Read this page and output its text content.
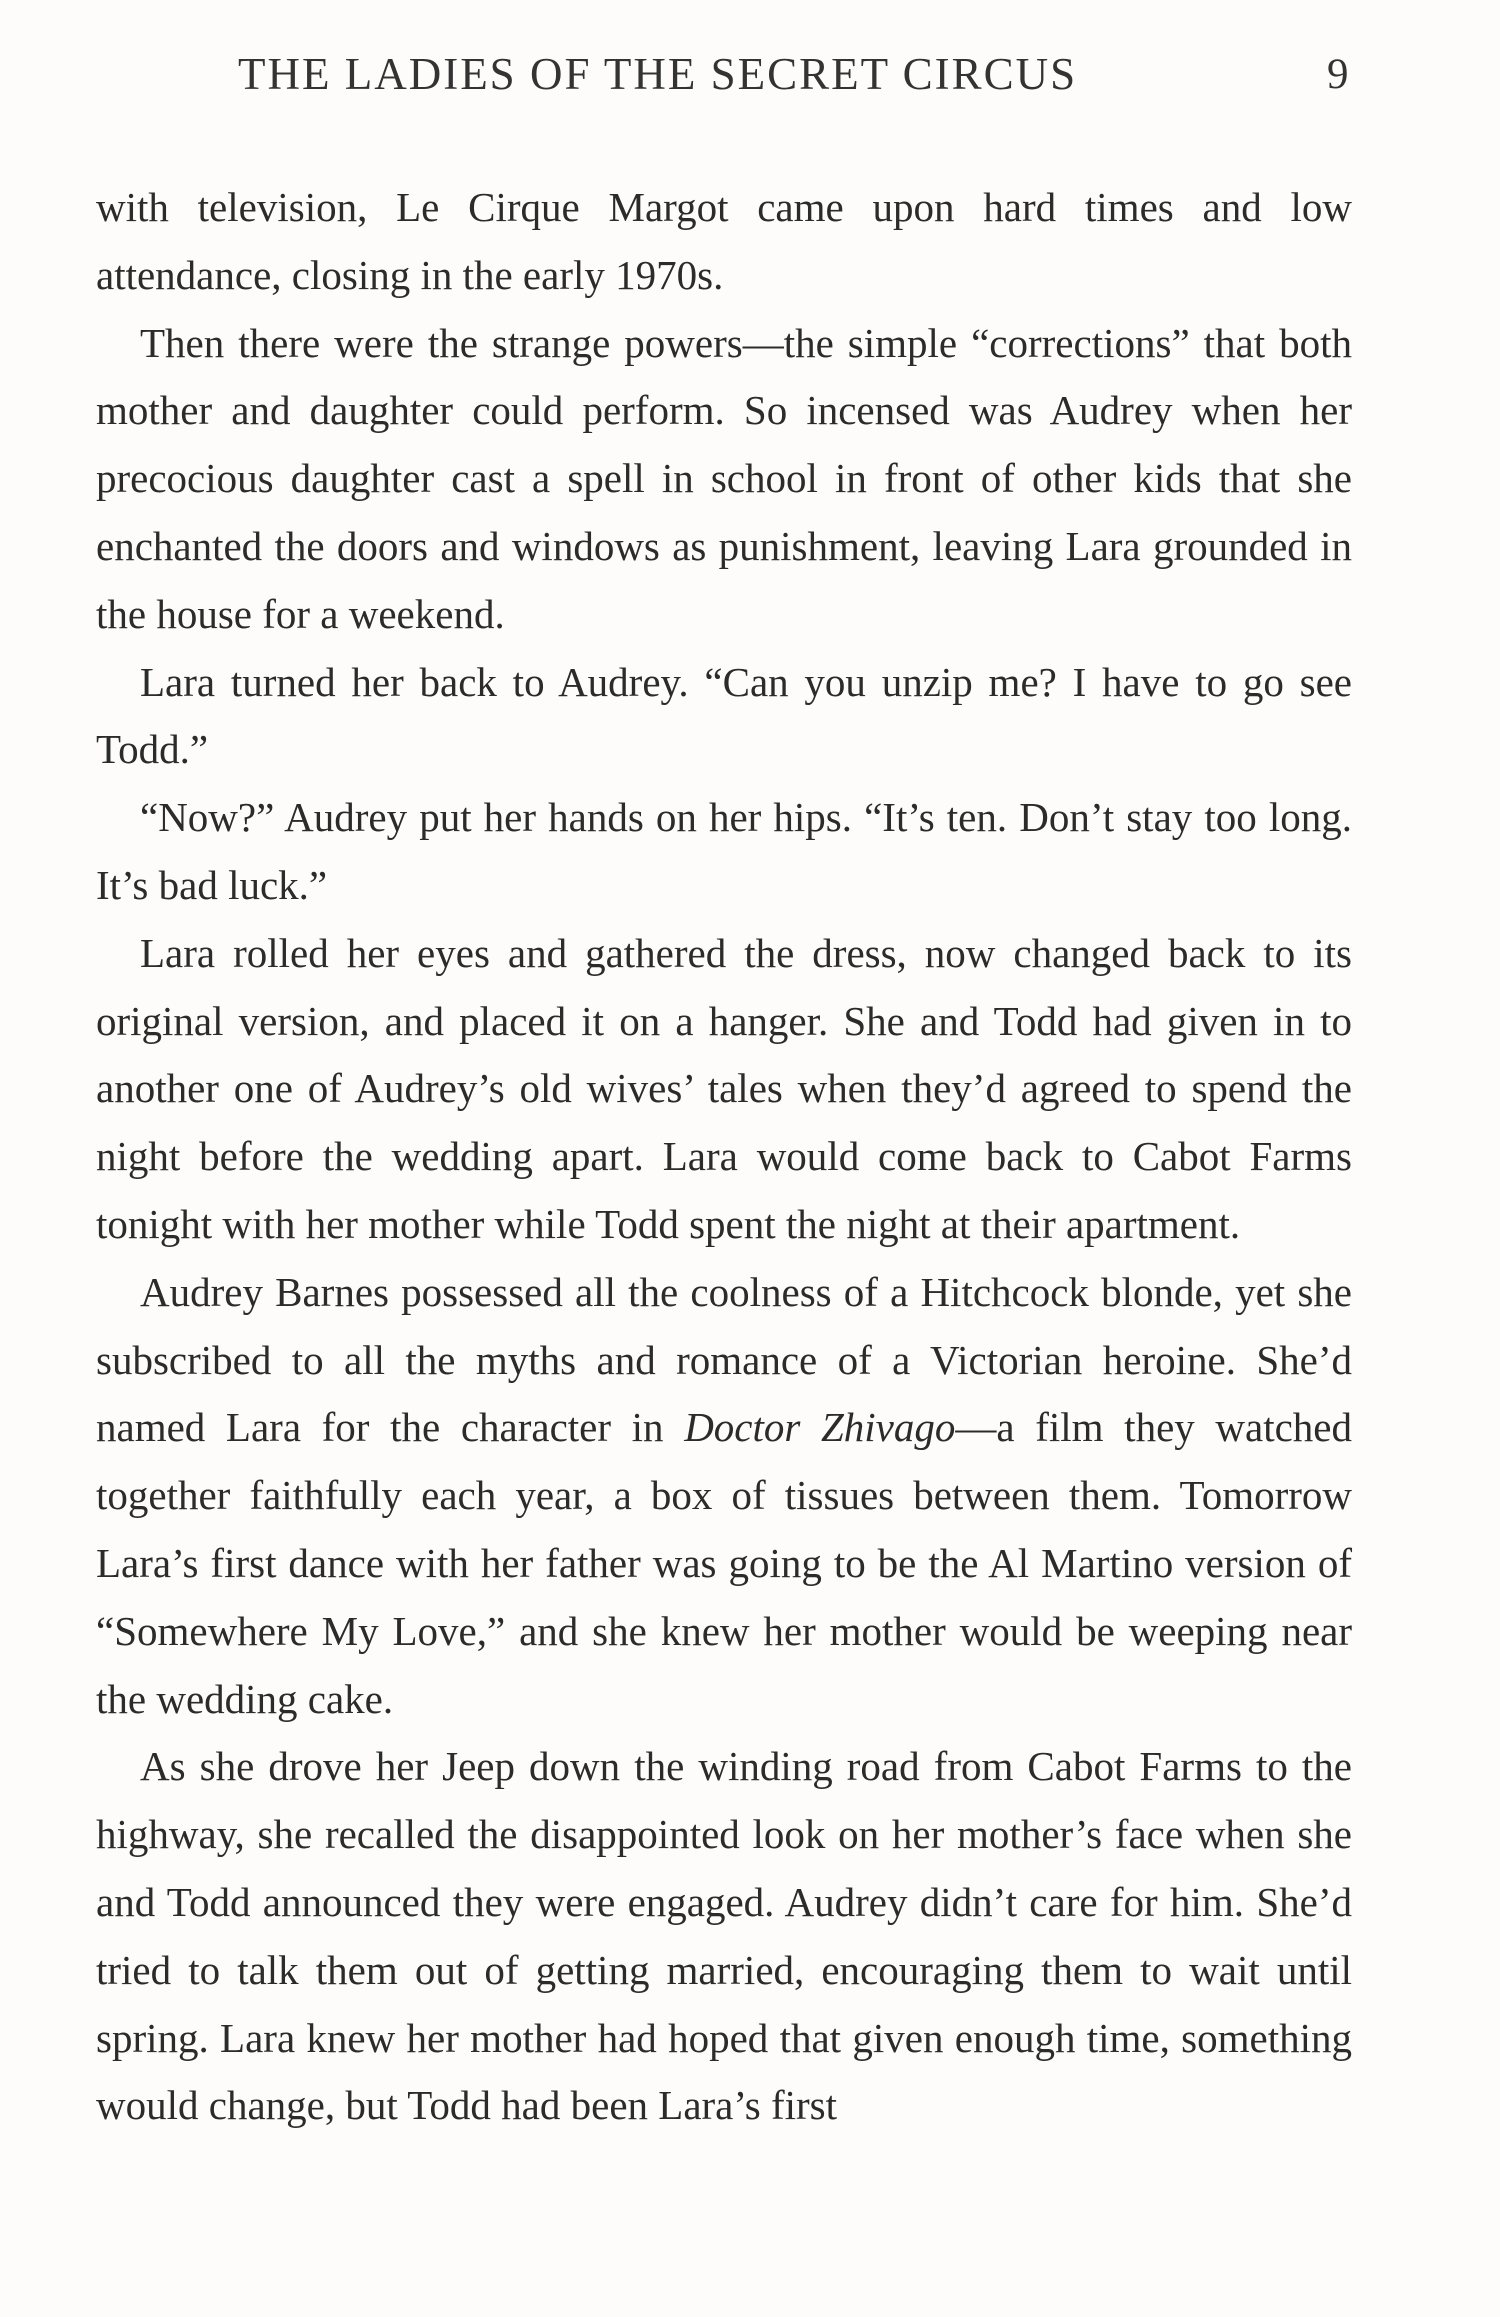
THE LADIES OF THE SECRET CIRCUS	9

with television, Le Cirque Margot came upon hard times and low attendance, closing in the early 1970s.

Then there were the strange powers—the simple “corrections” that both mother and daughter could perform. So incensed was Audrey when her precocious daughter cast a spell in school in front of other kids that she enchanted the doors and windows as punishment, leaving Lara grounded in the house for a weekend.

Lara turned her back to Audrey. “Can you unzip me? I have to go see Todd.”

“Now?” Audrey put her hands on her hips. “It’s ten. Don’t stay too long. It’s bad luck.”

Lara rolled her eyes and gathered the dress, now changed back to its original version, and placed it on a hanger. She and Todd had given in to another one of Audrey’s old wives’ tales when they’d agreed to spend the night before the wedding apart. Lara would come back to Cabot Farms tonight with her mother while Todd spent the night at their apartment.

Audrey Barnes possessed all the coolness of a Hitchcock blonde, yet she subscribed to all the myths and romance of a Victorian heroine. She’d named Lara for the character in Doctor Zhivago—a film they watched together faithfully each year, a box of tissues between them. Tomorrow Lara’s first dance with her father was going to be the Al Martino version of “Somewhere My Love,” and she knew her mother would be weeping near the wedding cake.

As she drove her Jeep down the winding road from Cabot Farms to the highway, she recalled the disappointed look on her mother’s face when she and Todd announced they were engaged. Audrey didn’t care for him. She’d tried to talk them out of getting married, encouraging them to wait until spring. Lara knew her mother had hoped that given enough time, something would change, but Todd had been Lara’s first
